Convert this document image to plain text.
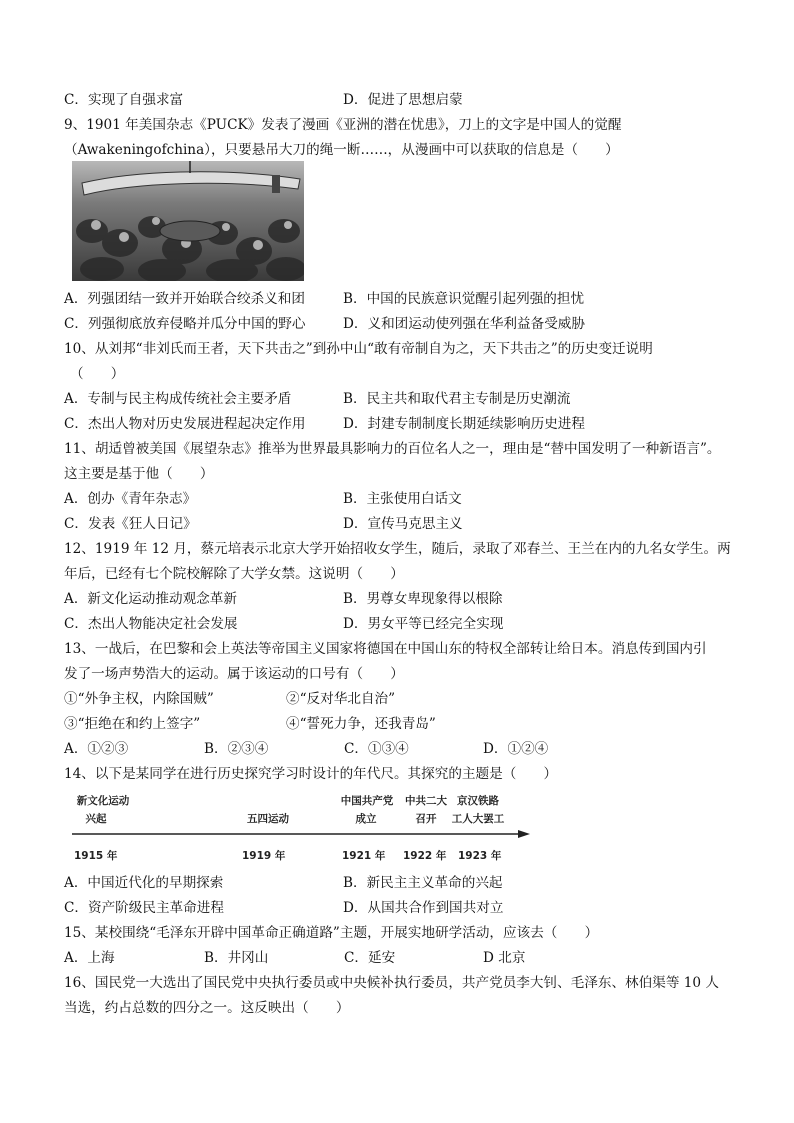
C．实现了自强求富	D．促进了思想启蒙
9、1901 年美国杂志《PUCK》发表了漫画《亚洲的潜在忧患》，刀上的文字是中国人的觉醒
（Awakeningofchina），只要悬吊大刀的绳一断……，从漫画中可以获取的信息是（　　）
A．列强团结一致并开始联合绞杀义和团	B．中国的民族意识觉醒引起列强的担忧
C．列强彻底放弃侵略并瓜分中国的野心	D．义和团运动使列强在华利益备受威胁
10、从刘邦“非刘氏而王者，天下共击之”到孙中山“敢有帝制自为之，天下共击之”的历史变迁说明
（　　）
A．专制与民主构成传统社会主要矛盾	B．民主共和取代君主专制是历史潮流
C．杰出人物对历史发展进程起决定作用	D．封建专制制度长期延续影响历史进程
11、胡适曾被美国《展望杂志》推举为世界最具影响力的百位名人之一，理由是“替中国发明了一种新语言”。
这主要是基于他（　　）
A．创办《青年杂志》	B．主张使用白话文
C．发表《狂人日记》	D．宣传马克思主义
12、1919 年 12 月，蔡元培表示北京大学开始招收女学生，随后，录取了邓春兰、王兰在内的九名女学生。两
年后，已经有七个院校解除了大学女禁。这说明（　　）
A．新文化运动推动观念革新	B．男尊女卑现象得以根除
C．杰出人物能决定社会发展	D．男女平等已经完全实现
13、一战后，在巴黎和会上英法等帝国主义国家将德国在中国山东的特权全部转让给日本。消息传到国内引
发了一场声势浩大的运动。属于该运动的口号有（　　）
①“外争主权，内除国贼”	②“反对华北自治”
③“拒绝在和约上签字”	④“誓死力争，还我青岛”
A．①②③	B．②③④	C．①③④	D．①②④
14、以下是某同学在进行历史探究学习时设计的年代尺。其探究的主题是（　　）
新文化运动
兴起
1915 年
五四运动
1919 年
中国共产党
成立
1921 年
中共二大
召开
1922 年
京汉铁路
工人大罢工
1923 年
A．中国近代化的早期探索	B．新民主主义革命的兴起
C．资产阶级民主革命进程	D．从国共合作到国共对立
15、某校围绕“毛泽东开辟中国革命正确道路”主题，开展实地研学活动，应该去（　　）
A．上海	B．井冈山	C．延安	D 北京
16、国民党一大选出了国民党中央执行委员或中央候补执行委员，共产党员李大钊、毛泽东、林伯渠等 10 人
当选，约占总数的四分之一。这反映出（　　）
